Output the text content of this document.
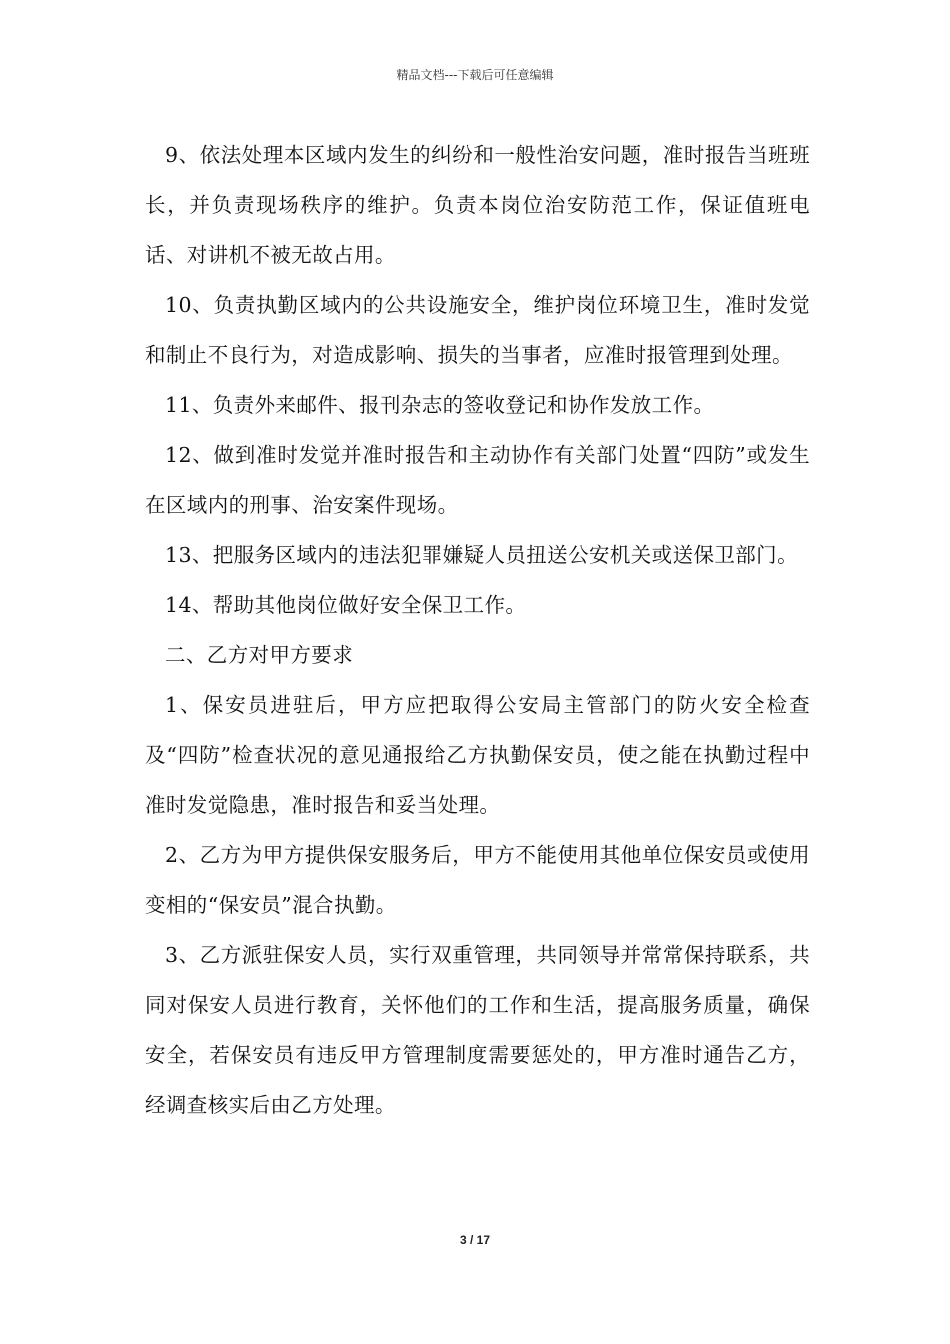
精品文档---下载后可任意编辑

9、依法处理本区域内发生的纠纷和一般性治安问题，准时报告当班班长，并负责现场秩序的维护。负责本岗位治安防范工作，保证值班电话、对讲机不被无故占用。

10、负责执勤区域内的公共设施安全，维护岗位环境卫生，准时发觉和制止不良行为，对造成影响、损失的当事者，应准时报管理到处理。

11、负责外来邮件、报刊杂志的签收登记和协作发放工作。

12、做到准时发觉并准时报告和主动协作有关部门处置“四防”或发生在区域内的刑事、治安案件现场。

13、把服务区域内的违法犯罪嫌疑人员扭送公安机关或送保卫部门。

14、帮助其他岗位做好安全保卫工作。

二、乙方对甲方要求

1、保安员进驻后，甲方应把取得公安局主管部门的防火安全检查及“四防”检查状况的意见通报给乙方执勤保安员，使之能在执勤过程中准时发觉隐患，准时报告和妥当处理。

2、乙方为甲方提供保安服务后，甲方不能使用其他单位保安员或使用变相的“保安员”混合执勤。

3、乙方派驻保安人员，实行双重管理，共同领导并常常保持联系，共同对保安人员进行教育，关怀他们的工作和生活，提高服务质量，确保安全，若保安员有违反甲方管理制度需要惩处的，甲方准时通告乙方，经调查核实后由乙方处理。

3 / 17
